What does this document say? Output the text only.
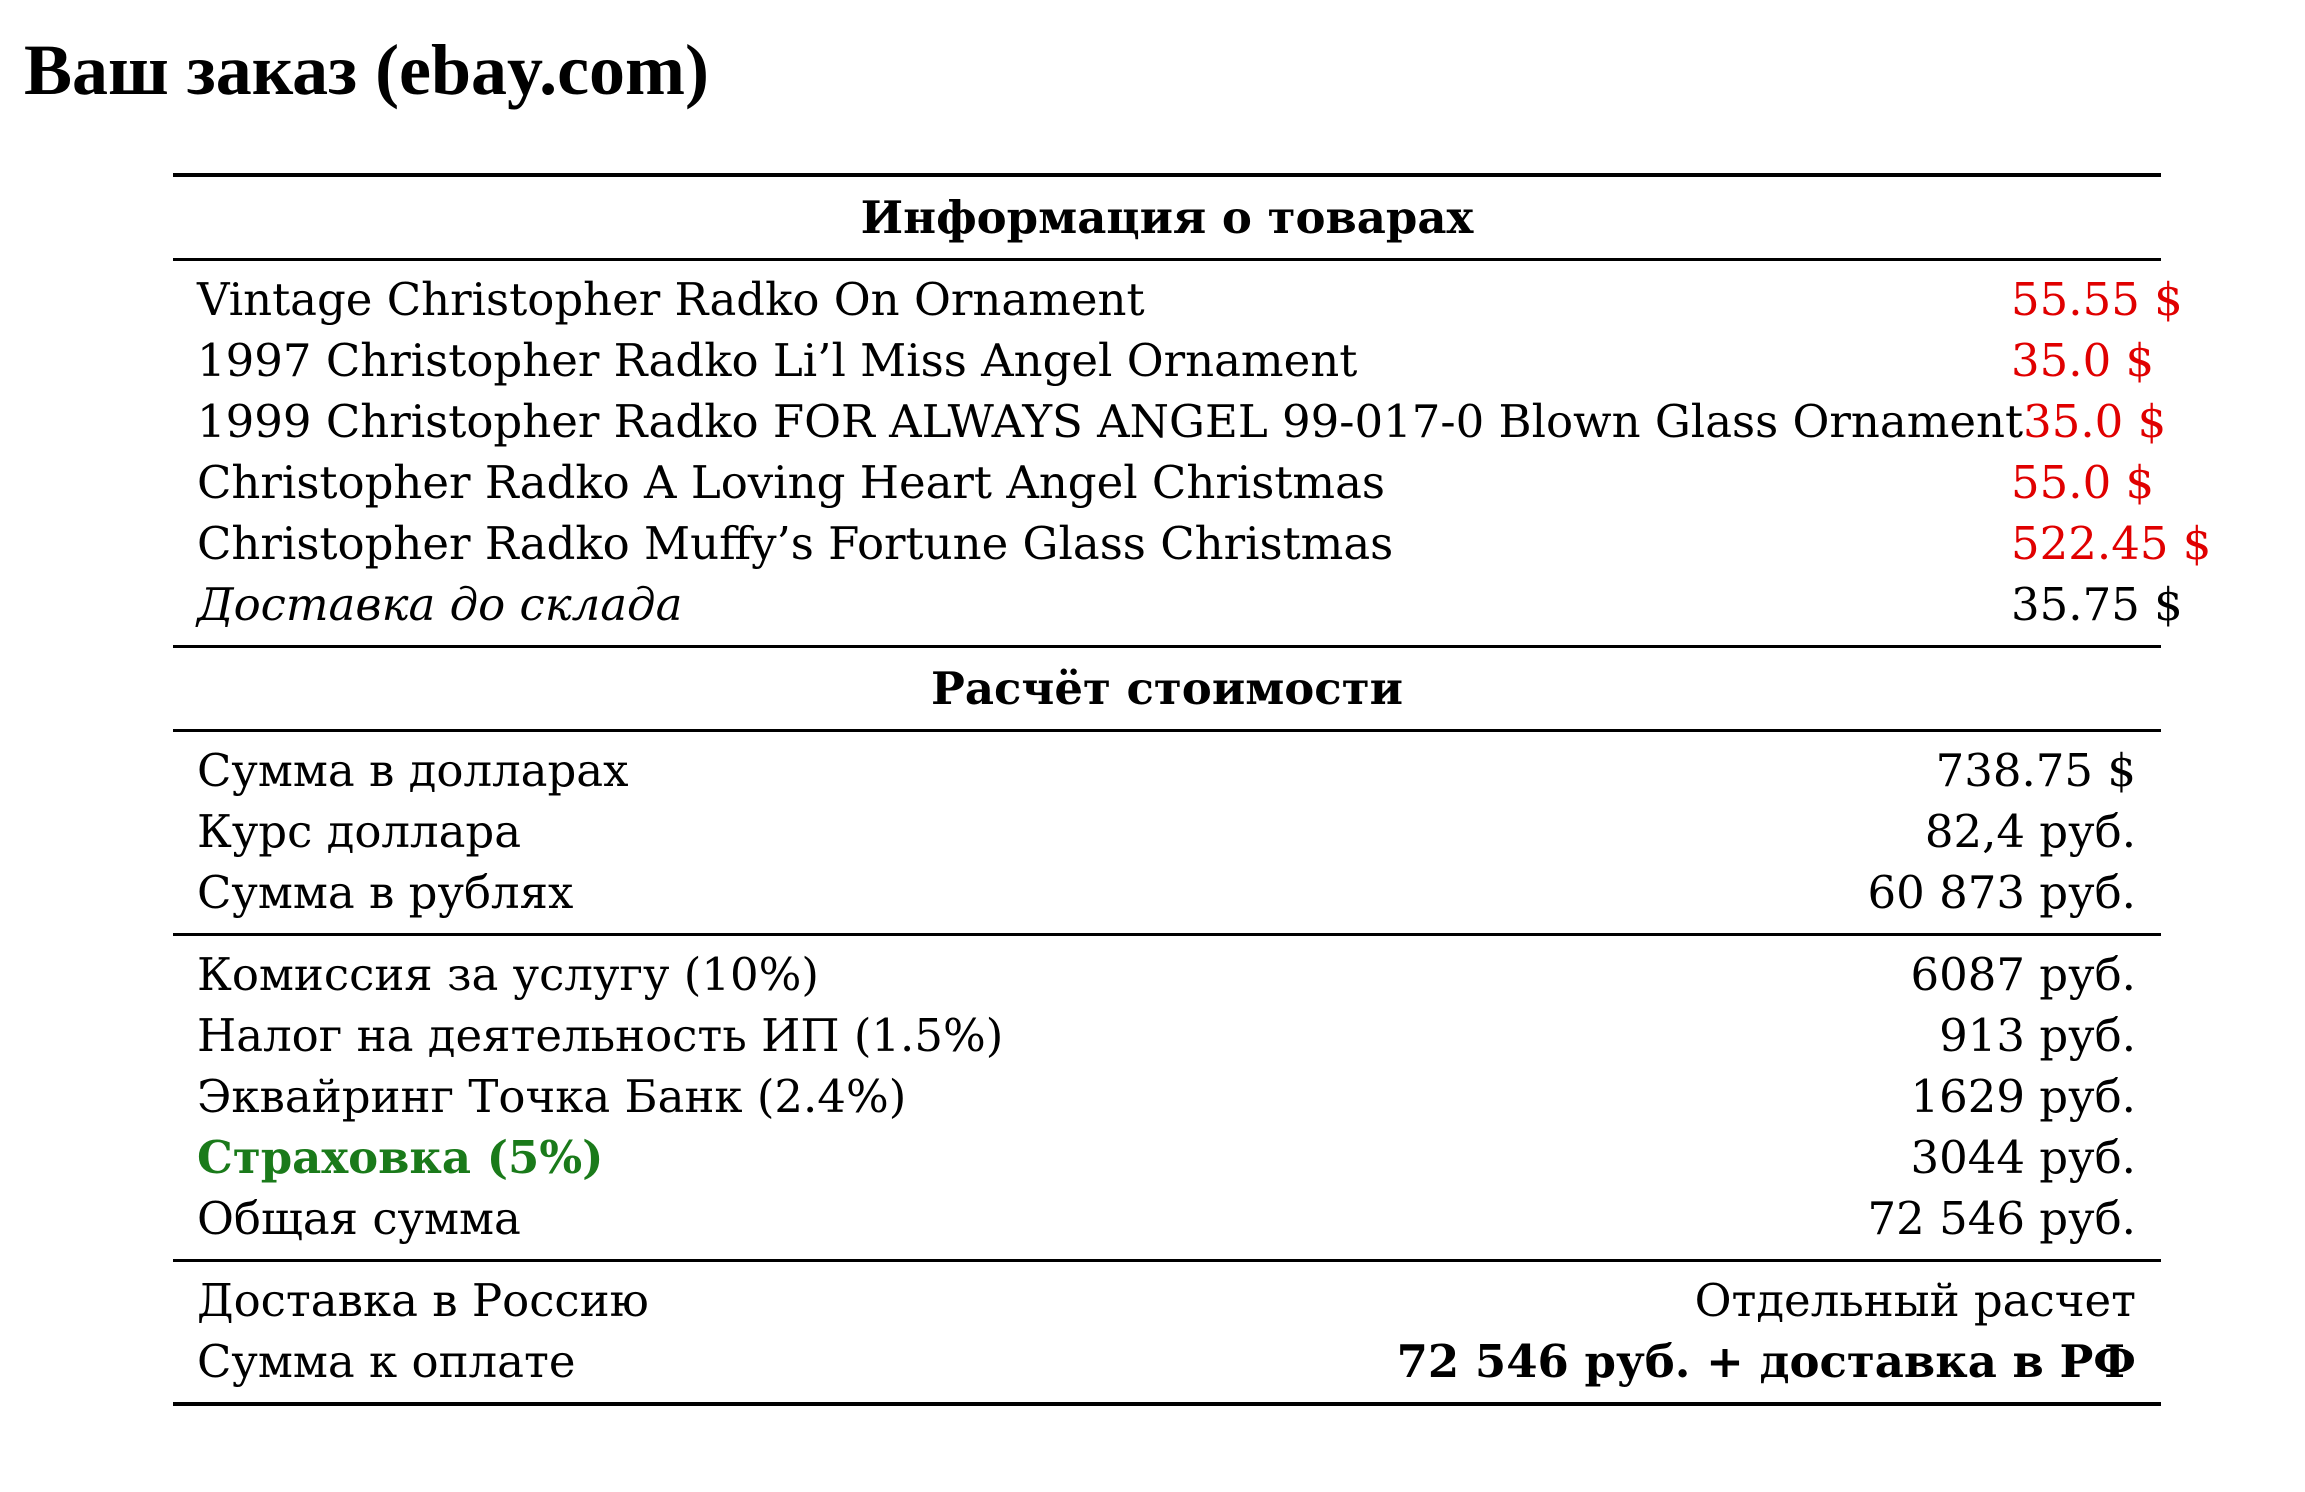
Ваш заказ (ebay.com)
Информация о товарах
Vintage Christopher Radko On Ornament	55.55 $
1997 Christopher Radko Li’l Miss Angel Ornament	35.0 $
1999 Christopher Radko FOR ALWAYS ANGEL 99-017-0 Blown Glass Ornament 35.0 $
Christopher Radko A Loving Heart Angel Christmas	55.0 $
Christopher Radko Muffy’s Fortune Glass Christmas	522.45 $
Доставка до склада	35.75 $
Расчёт стоимости
Сумма в долларах	738.75 $
Курс доллара	82,4 руб.
Сумма в рублях	60 873 руб.
Комиссия за услугу (10%)	6087 руб.
Налог на деятельность ИП (1.5%)	913 руб.
Эквайринг Точка Банк (2.4%)	1629 руб.
Страховка (5%)	3044 руб.
Общая сумма	72 546 руб.
Доставка в Россию	Отдельный расчет
Сумма к оплате	72 546 руб. + доставка в РФ
